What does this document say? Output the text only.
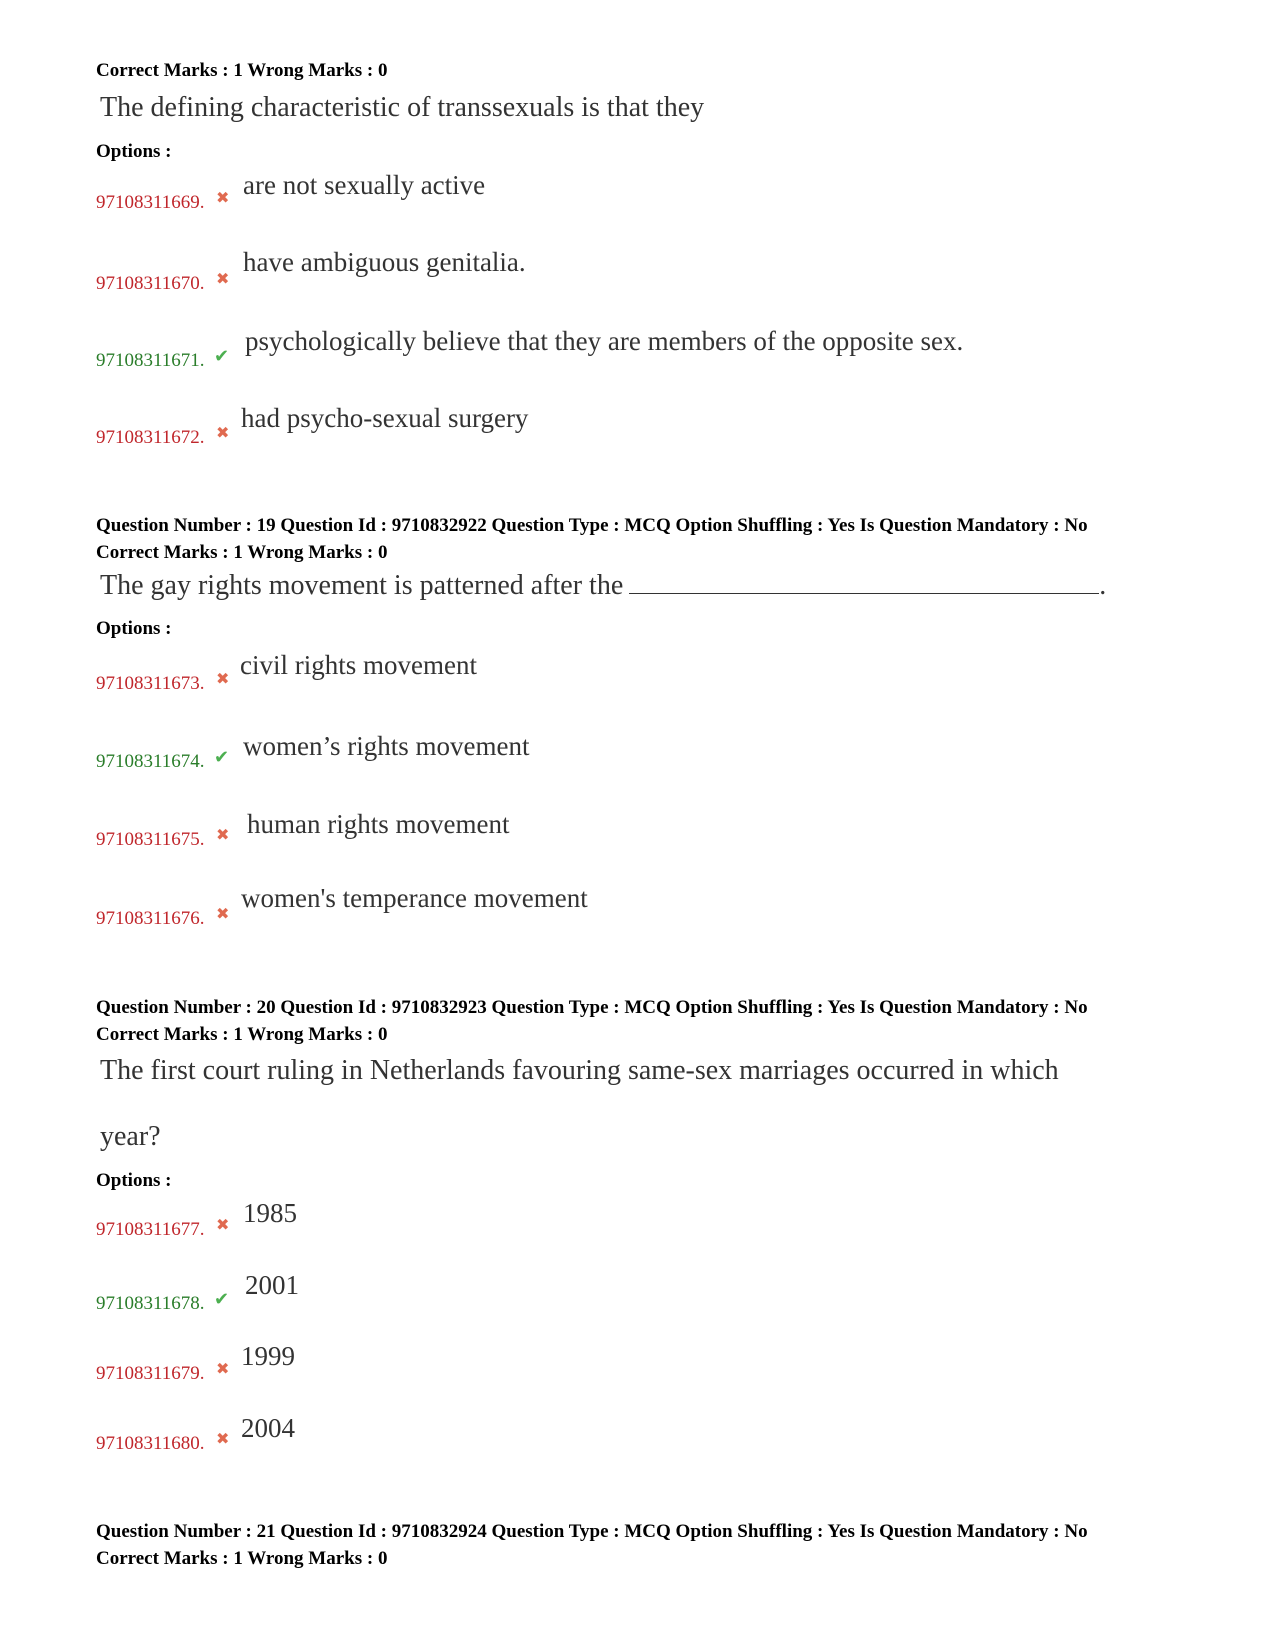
Correct Marks : 1 Wrong Marks : 0
The defining characteristic of transsexuals is that they
Options :
97108311669. ✖ are not sexually active
97108311670. ✖
have ambiguous genitalia.
97108311671. ✔
psychologically believe that they are members of the opposite sex.
97108311672. ✖ had psycho-sexual surgery
Question Number : 19 Question Id : 9710832922 Question Type : MCQ Option Shuffling : Yes Is Question Mandatory : No
Correct Marks : 1 Wrong Marks : 0
The gay rights movement is patterned after the	.
Options :
97108311673. ✖ civil rights movement
97108311674. ✔ women’s rights movement
97108311675. ✖ human rights movement
97108311676. ✖
women's temperance movement
Question Number : 20 Question Id : 9710832923 Question Type : MCQ Option Shuffling : Yes Is Question Mandatory : No
Correct Marks : 1 Wrong Marks : 0
The first court ruling in Netherlands favouring same-sex marriages occurred in which
year?
Options :
97108311677. ✖ 1985
97108311678. ✔ 2001
97108311679. ✖ 1999
97108311680. ✖ 2004
Question Number : 21 Question Id : 9710832924 Question Type : MCQ Option Shuffling : Yes Is Question Mandatory : No
Correct Marks : 1 Wrong Marks : 0
